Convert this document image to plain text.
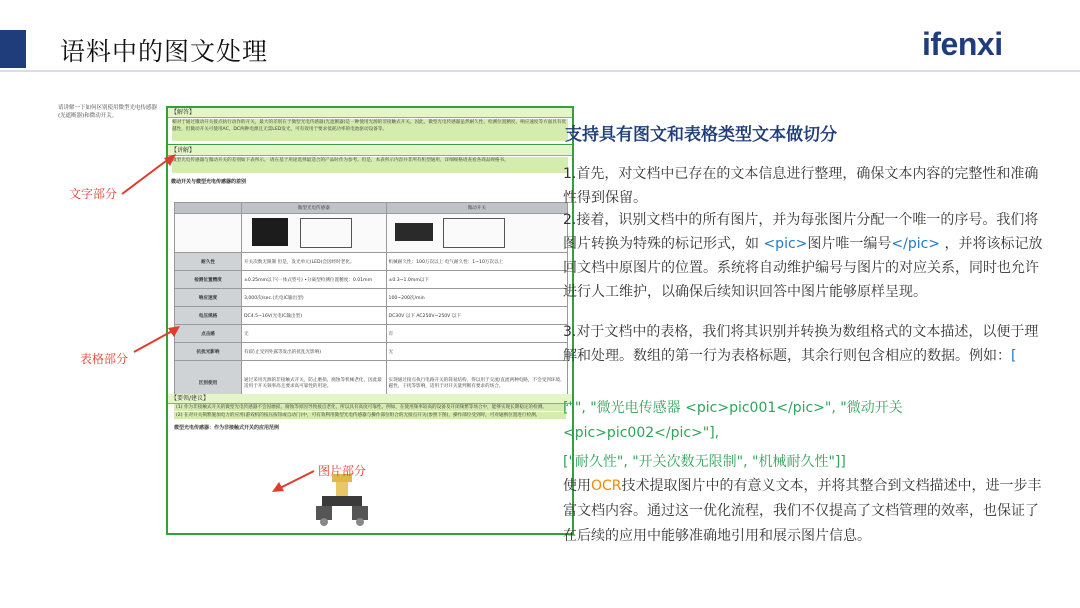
语料中的图文处理	ifenxi
请讲解一下如何区别使用微型光电传感器(光遮断器)和微动开关。	【解答】
相对于通过微动开关接点执行动作的开关，最大的差别在于微型光电传感器(光遮断器)是一种使用光源的非接触式开关。因此，微型光电传感器虽然耐久性、检测位置精度、响应速度等方面具有优越性，但微动开关可使用AC、DC两种电源且无需LED发光，可有效用于要求低耗功率的电池驱动设备等。
【讲解】
微型光电传感器与微动开关的差别如下表所示。 请在基于用途选择最适合的产品时作为参考。但是，本表所示内容并非所有机型通用，详细规格请查看各商品规格书。
微动开关与微型光电传感器的差别
	微型光电传感器	微动开关

耐久性	开关次数无限制 但是，发光单元(LED)会因经时老化。	机械耐久性：100万次以上 电气耐久性：1~10万次以上
检测位置精度	±0.25mm以下(一体式型号) •分离型检测位置精度：0.01mm	±0.3~1.0mm以下
响应速度	3,000次/sec.(光电IC输出型)	100~200次/min
电压规格	DC4.5~16V(光电IC输出型)	DC30V 以下 AC250V~250V 以下
点击感	无	有
抗扰光影响	有(防止受到外露等发出的扰乱光影响)	无
区别使用	通过采用光源的非接触式开关，防止磨损、腐蚀等机械老化，因此最适用于开关频率高且要求高可靠性的用途。	实现通过接点执行电路开关的简易结构，得以用于交流/直流两种电路，不会受到环境、磁性、干扰等影响，适用于对开关量判断有要求的场合。
【要领/建议】
(1) 作为非接触式开关的微型光电传感器不会因磨损、腐蚀等原因导致接点老化，所以具有高度可靠性。例如，在使用频率较高的设备及开闭频繁等场合中，能够实现长期稳定的检测。
(2) 在对开关频繁施加电力的应用(游戏机的按压按钮或自动门)中，可有效利用微型光电传感器与操作部位组合的无接点开关(参照下图)，操作部位受到时，可对通断位置进行检测。
微型光电传感器：作为非接触式开关的应用范例
文字部分
表格部分
图片部分
支持具有图文和表格类型文本做切分
1.首先，对文档中已存在的文本信息进行整理，确保文本内容的完整性和准确性得到保留。
2.接着，识别文档中的所有图片，并为每张图片分配一个唯一的序号。我们将图片转换为特殊的标记形式，如 <pic>图片唯一编号</pic> ，并将该标记放回文档中原图片的位置。系统将自动维护编号与图片的对应关系，同时也允许进行人工维护，以确保后续知识回答中图片能够原样呈现。
3.对于文档中的表格，我们将其识别并转换为数组格式的文本描述，以便于理解和处理。数组的第一行为表格标题，其余行则包含相应的数据。例如：[
["", "微光电传感器 <pic>pic001</pic>", "微动开关 <pic>pic002</pic>"],
["耐久性", "开关次数无限制", "机械耐久性"]]
使用OCR技术提取图片中的有意义文本，并将其整合到文档描述中，进一步丰富文档内容。通过这一优化流程，我们不仅提高了文档管理的效率，也保证了在后续的应用中能够准确地引用和展示图片信息。
